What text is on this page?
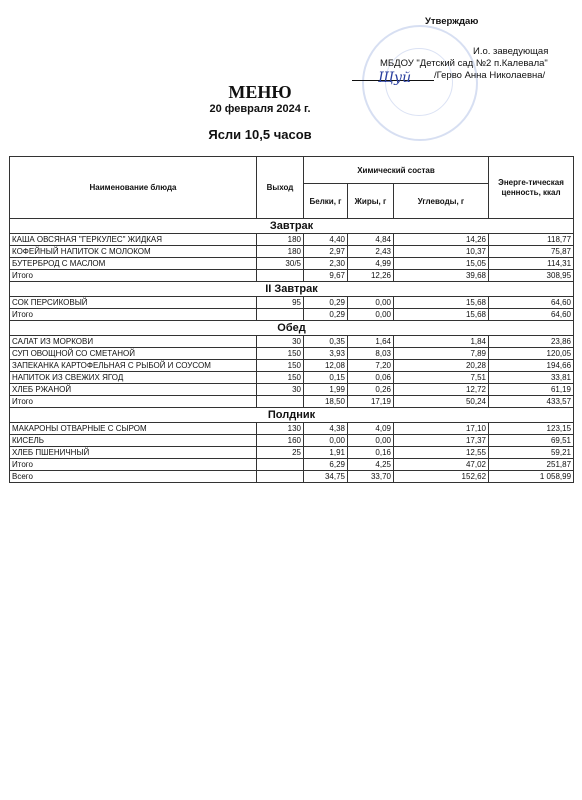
Утверждаю
И.о. заведующая
МБДОУ "Детский сад №2 п.Калевала"
Щуй /Герво Анна Николаевна/
МЕНЮ
20 февраля 2024 г.
Ясли 10,5 часов
Наименование блюда	Выход	Химический состав			Энерге-тическая ценность, ккал
		Белки, г	Жиры, г	Углеводы, г	
Завтрак					
КАША ОВСЯНАЯ "ГЕРКУЛЕС" ЖИДКАЯ	180	4,40	4,84	14,26	118,77
КОФЕЙНЫЙ НАПИТОК С МОЛОКОМ	180	2,97	2,43	10,37	75,87
БУТЕРБРОД С МАСЛОМ	30/5	2,30	4,99	15,05	114,31
Итого		9,67	12,26	39,68	308,95
II Завтрак					
СОК ПЕРСИКОВЫЙ	95	0,29	0,00	15,68	64,60
Итого		0,29	0,00	15,68	64,60
Обед					
САЛАТ ИЗ МОРКОВИ	30	0,35	1,64	1,84	23,86
СУП ОВОЩНОЙ СО СМЕТАНОЙ	150	3,93	8,03	7,89	120,05
ЗАПЕКАНКА КАРТОФЕЛЬНАЯ С РЫБОЙ И СОУСОМ	150	12,08	7,20	20,28	194,66
НАПИТОК ИЗ СВЕЖИХ ЯГОД	150	0,15	0,06	7,51	33,81
ХЛЕБ РЖАНОЙ	30	1,99	0,26	12,72	61,19
Итого		18,50	17,19	50,24	433,57
Полдник					
МАКАРОНЫ ОТВАРНЫЕ С СЫРОМ	130	4,38	4,09	17,10	123,15
КИСЕЛЬ	160	0,00	0,00	17,37	69,51
ХЛЕБ ПШЕНИЧНЫЙ	25	1,91	0,16	12,55	59,21
Итого		6,29	4,25	47,02	251,87
Всего		34,75	33,70	152,62	1 058,99
